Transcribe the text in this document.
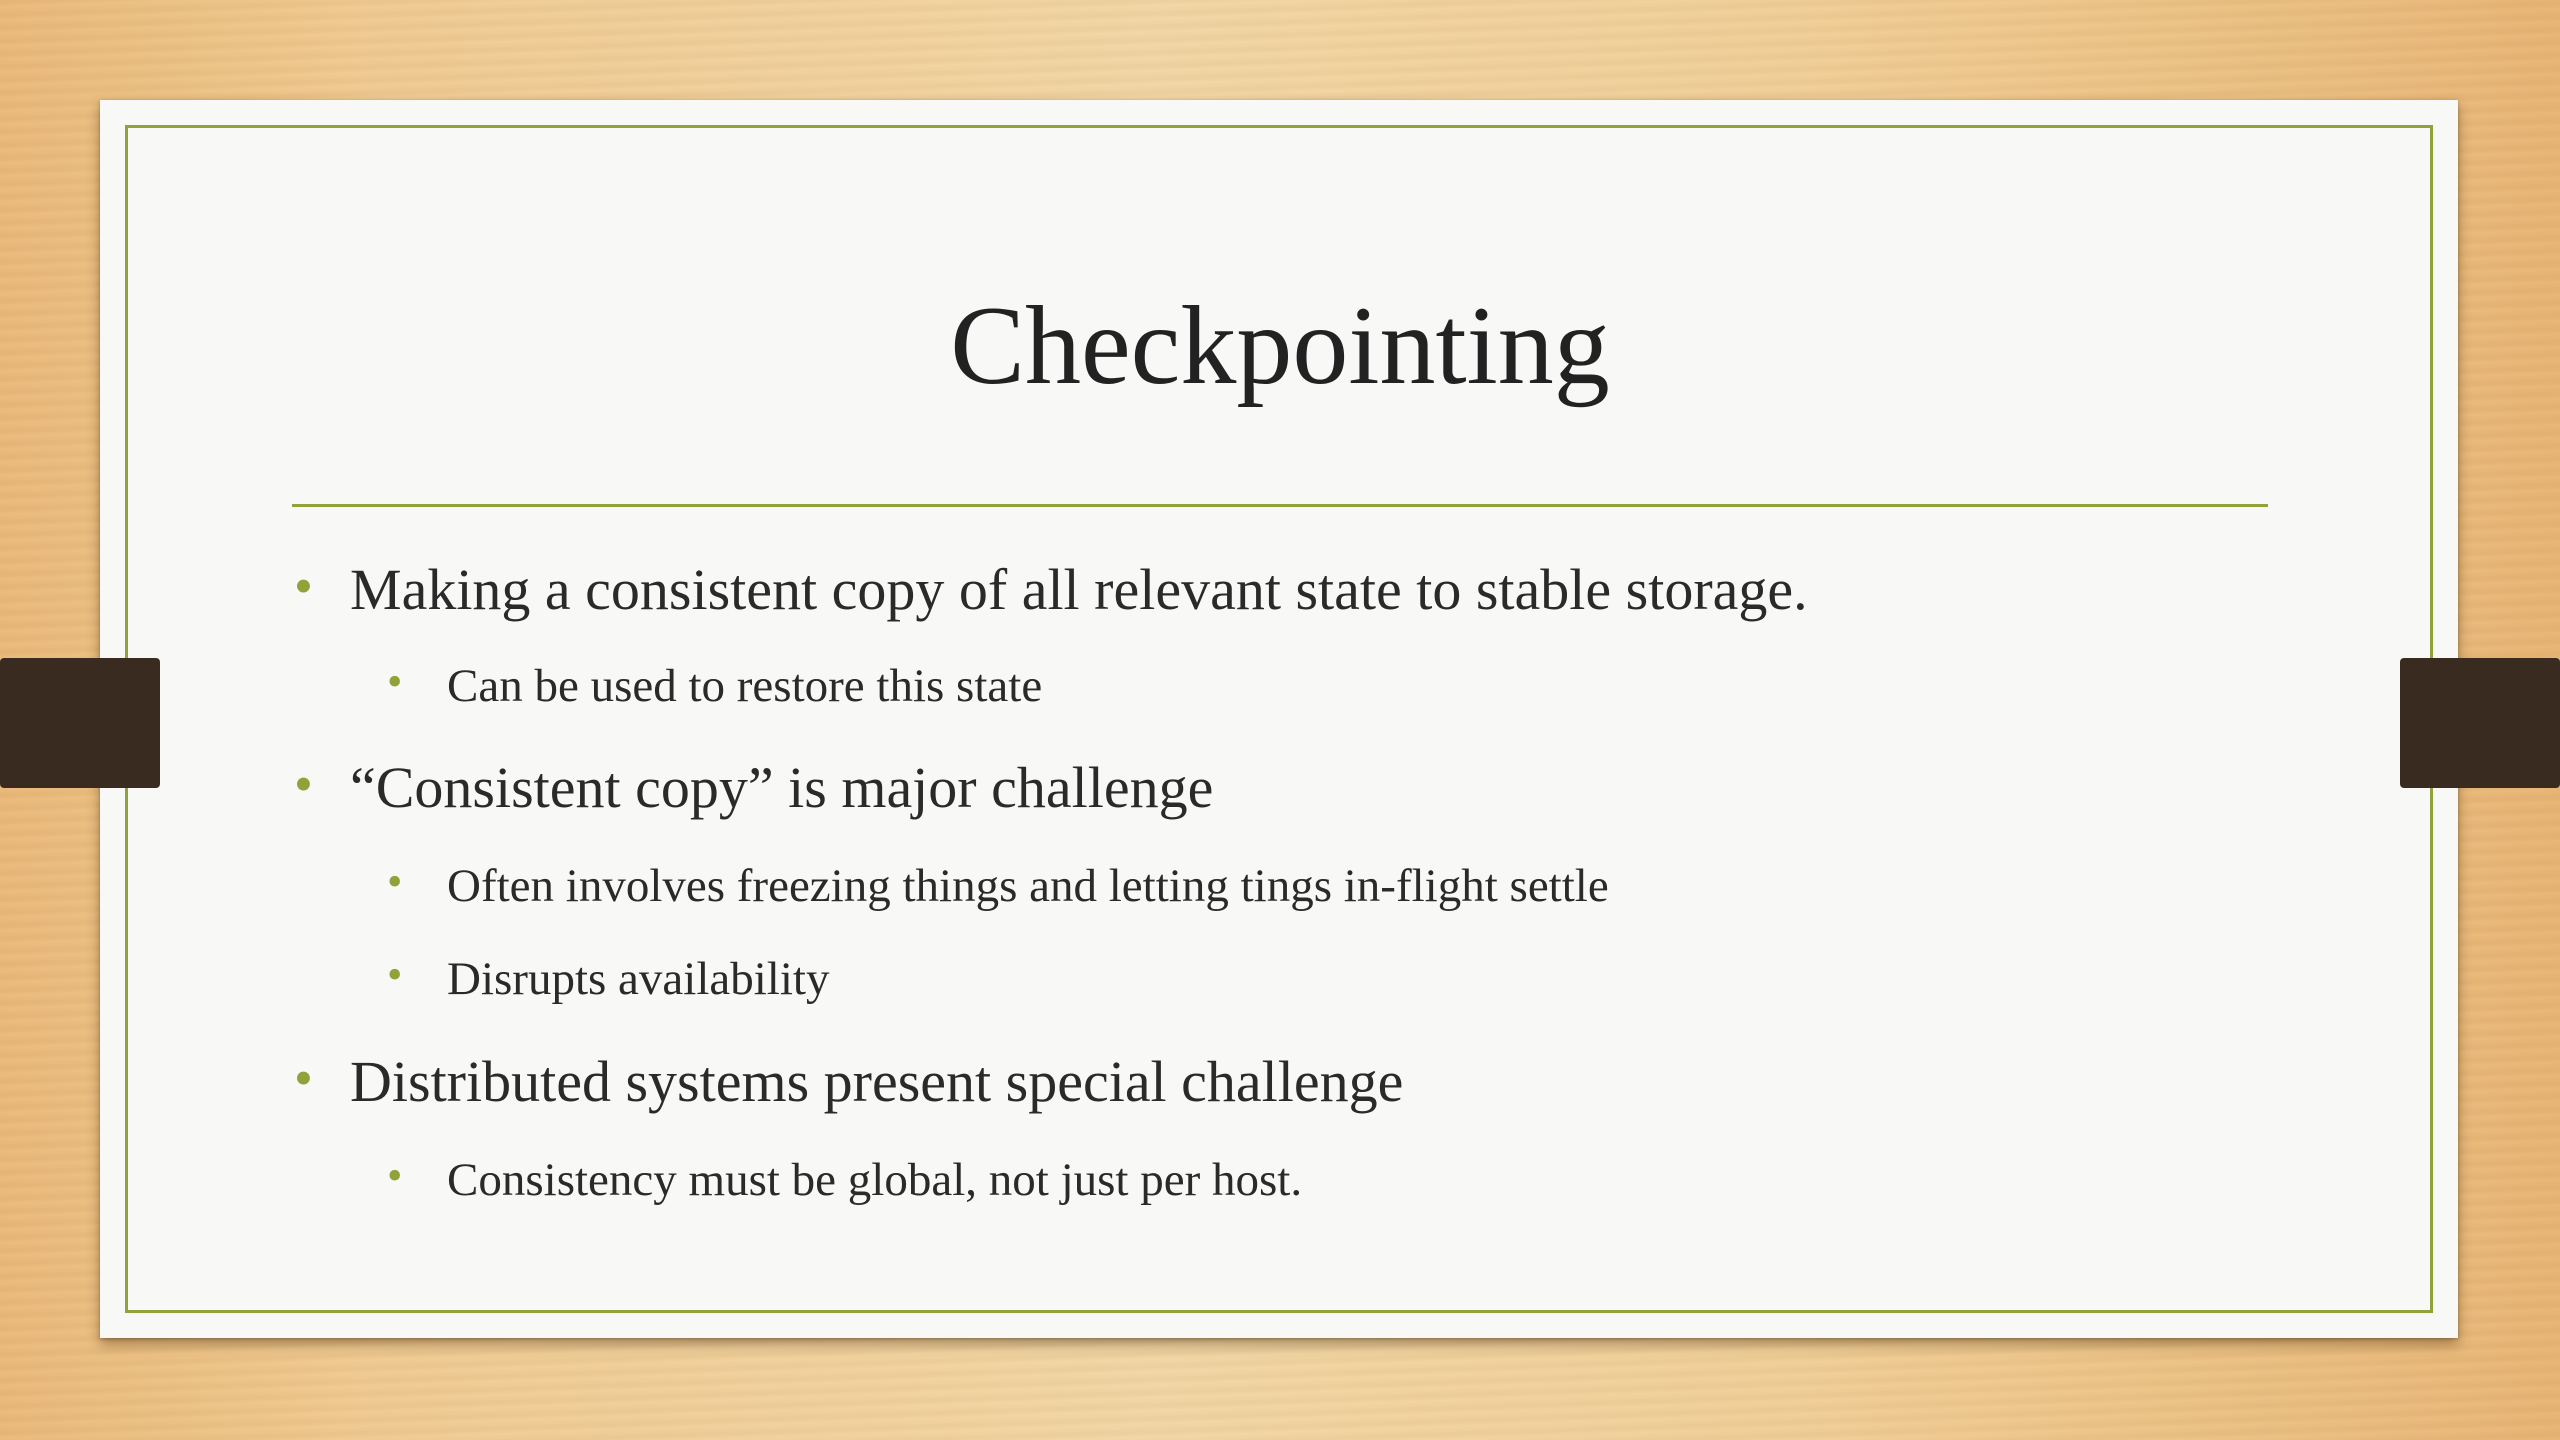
Checkpointing
• Making a consistent copy of all relevant state to stable storage.
• Can be used to restore this state
• “Consistent copy” is major challenge
• Often involves freezing things and letting tings in-flight settle
• Disrupts availability
• Distributed systems present special challenge
• Consistency must be global, not just per host.
